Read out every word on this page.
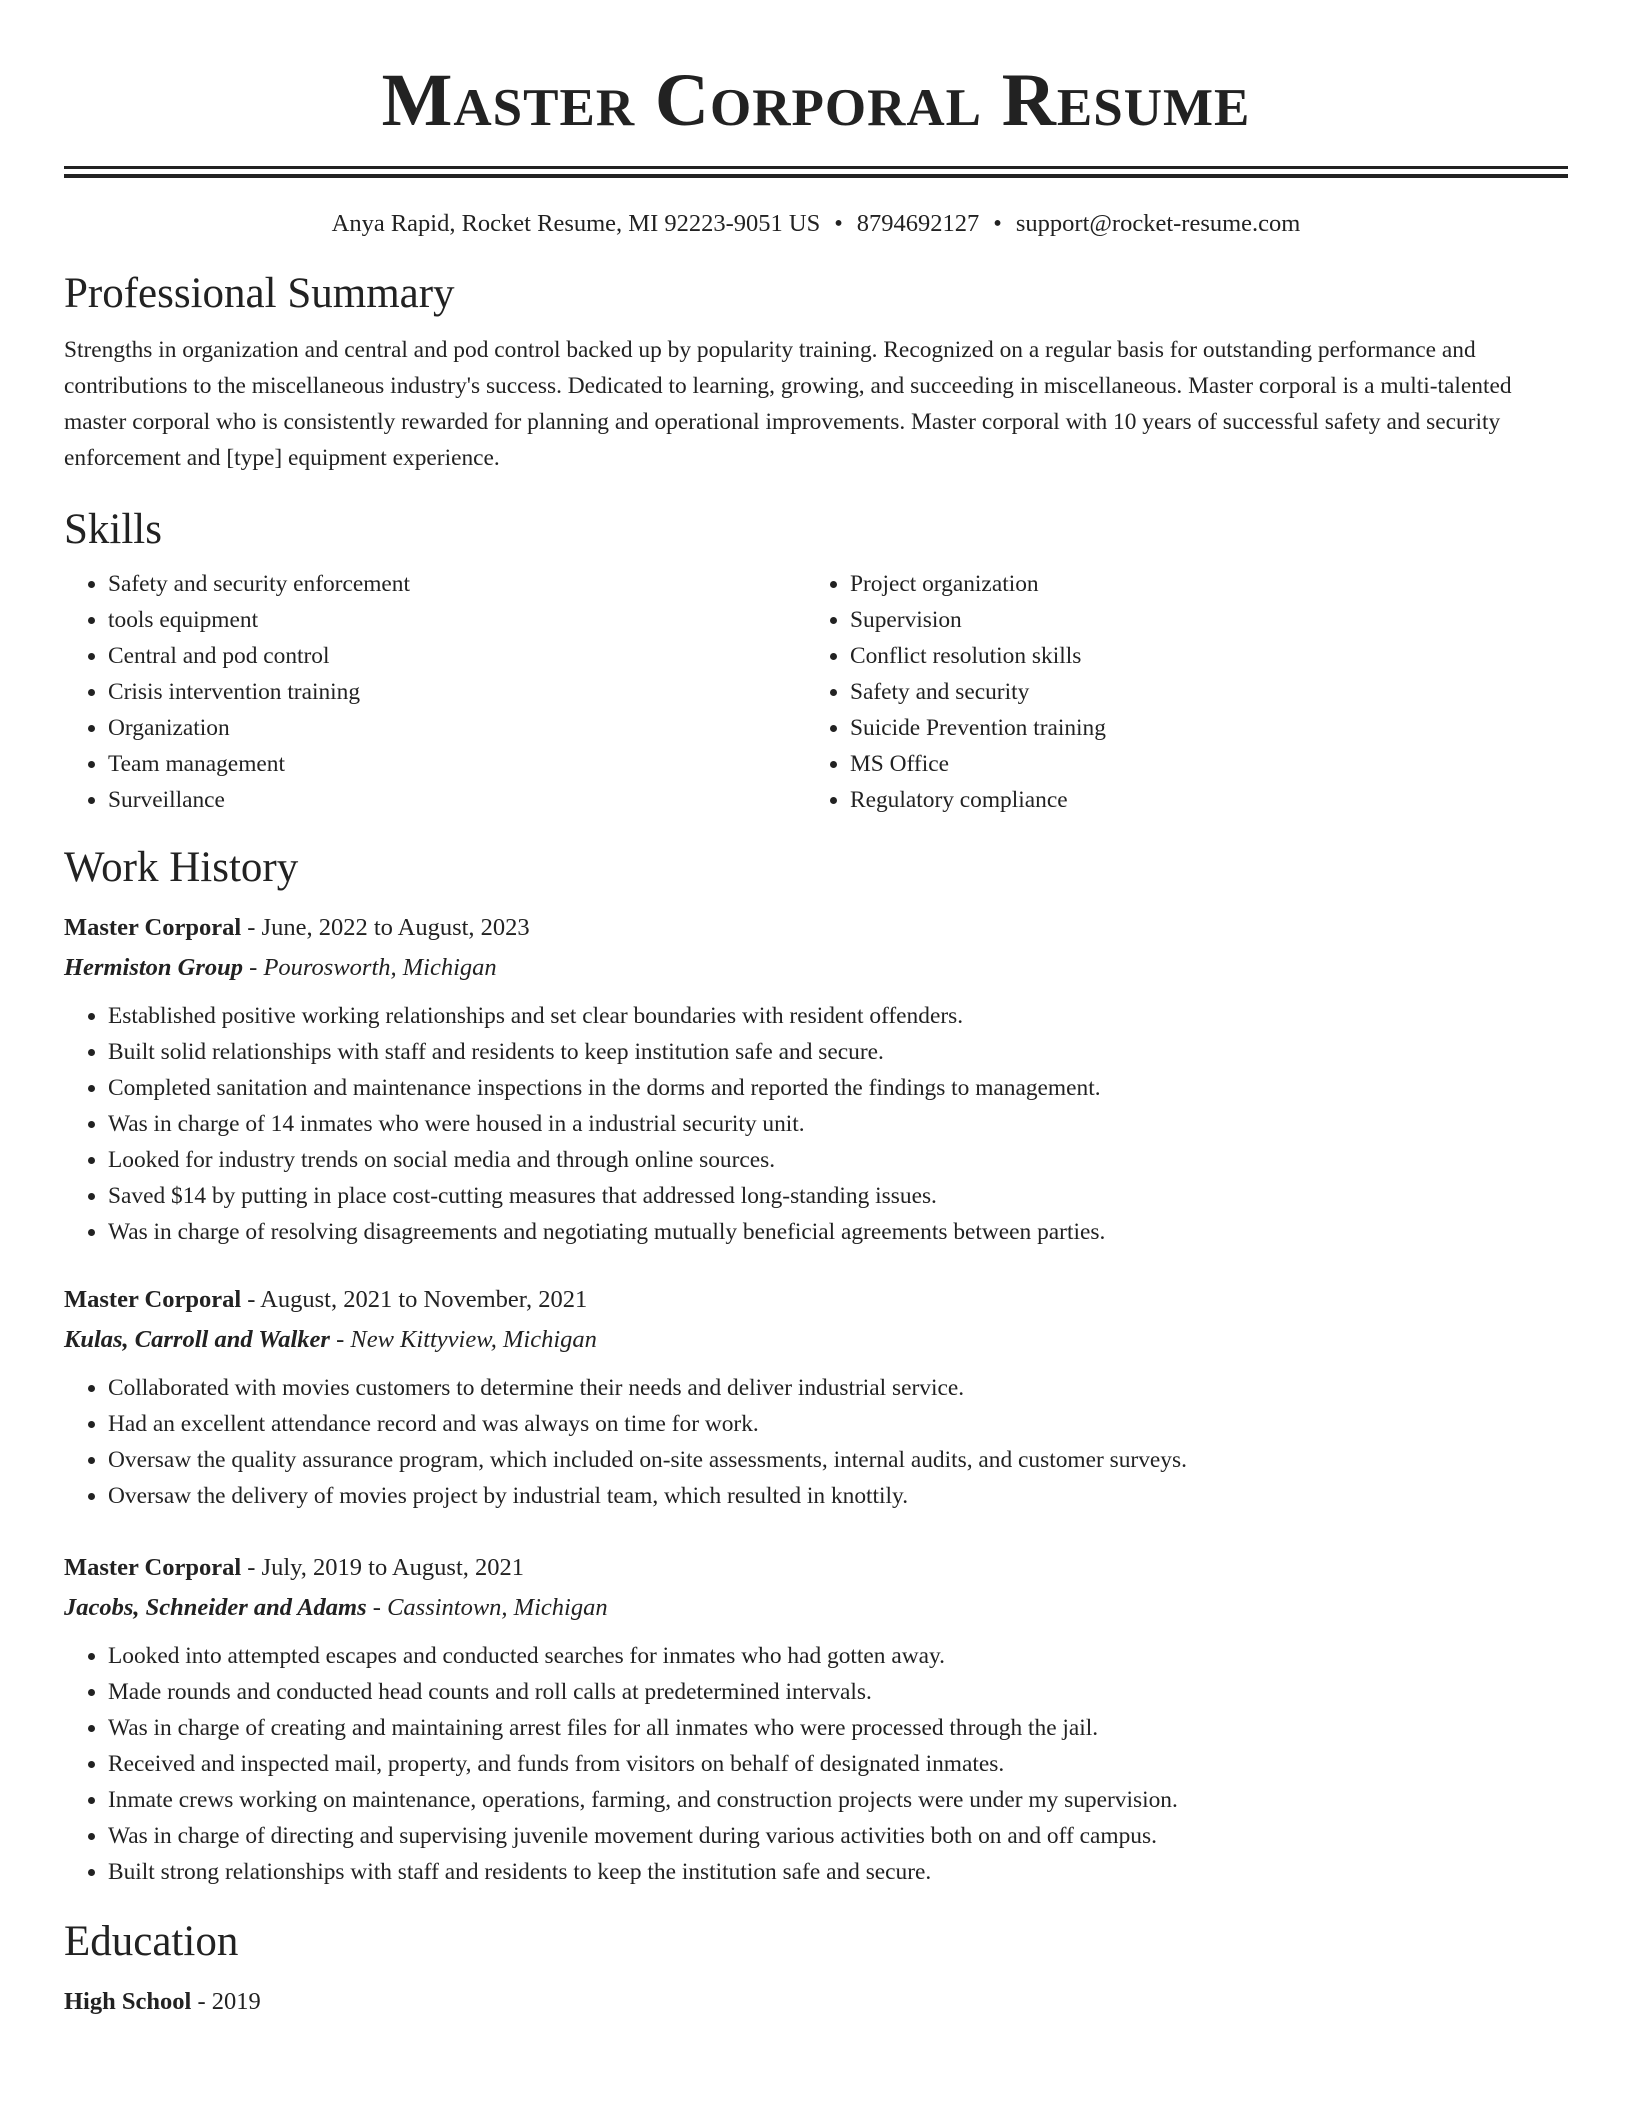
Master Corporal Resume
Anya Rapid, Rocket Resume, MI 92223-9051 US • 8794692127 • support@rocket-resume.com
Professional Summary

Strengths in organization and central and pod control backed up by popularity training. Recognized on a regular basis for outstanding performance and contributions to the miscellaneous industry's success. Dedicated to learning, growing, and succeeding in miscellaneous. Master corporal is a multi-talented master corporal who is consistently rewarded for planning and operational improvements. Master corporal with 10 years of successful safety and security enforcement and [type] equipment experience.

Skills
• Safety and security enforcement
• tools equipment
• Central and pod control
• Crisis intervention training
• Organization
• Team management
• Surveillance
• Project organization
• Supervision
• Conflict resolution skills
• Safety and security
• Suicide Prevention training
• MS Office
• Regulatory compliance
Work History
Master Corporal - June, 2022 to August, 2023
Hermiston Group - Pourosworth, Michigan
• Established positive working relationships and set clear boundaries with resident offenders.
• Built solid relationships with staff and residents to keep institution safe and secure.
• Completed sanitation and maintenance inspections in the dorms and reported the findings to management.
• Was in charge of 14 inmates who were housed in a industrial security unit.
• Looked for industry trends on social media and through online sources.
• Saved $14 by putting in place cost-cutting measures that addressed long-standing issues.
• Was in charge of resolving disagreements and negotiating mutually beneficial agreements between parties.
Master Corporal - August, 2021 to November, 2021
Kulas, Carroll and Walker - New Kittyview, Michigan
• Collaborated with movies customers to determine their needs and deliver industrial service.
• Had an excellent attendance record and was always on time for work.
• Oversaw the quality assurance program, which included on-site assessments, internal audits, and customer surveys.
• Oversaw the delivery of movies project by industrial team, which resulted in knottily.
Master Corporal - July, 2019 to August, 2021
Jacobs, Schneider and Adams - Cassintown, Michigan
• Looked into attempted escapes and conducted searches for inmates who had gotten away.
• Made rounds and conducted head counts and roll calls at predetermined intervals.
• Was in charge of creating and maintaining arrest files for all inmates who were processed through the jail.
• Received and inspected mail, property, and funds from visitors on behalf of designated inmates.
• Inmate crews working on maintenance, operations, farming, and construction projects were under my supervision.
• Was in charge of directing and supervising juvenile movement during various activities both on and off campus.
• Built strong relationships with staff and residents to keep the institution safe and secure.
Education
High School - 2019
